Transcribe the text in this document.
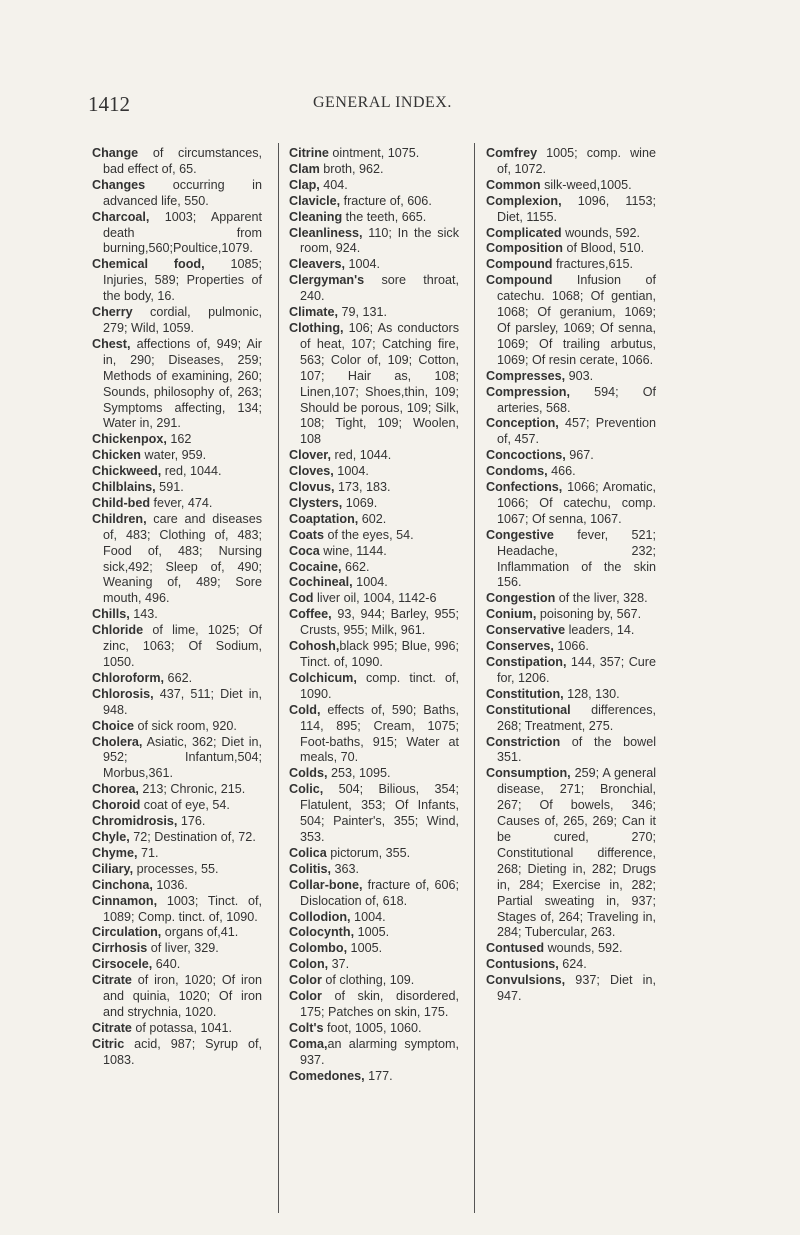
1412	GENERAL INDEX.
Change of circumstances, bad effect of, 65.
Changes occurring in advanced life, 550.
Charcoal, 1003; Apparent death from burning,560;Poultice,1079.
Chemical food, 1085; Injuries, 589; Properties of the body, 16.
Cherry cordial, pulmonic, 279; Wild, 1059.
Chest, affections of, 949; Air in, 290; Diseases, 259; Methods of examining, 260; Sounds, philosophy of, 263; Symptoms affecting, 134; Water in, 291.
Chickenpox, 162
Chicken water, 959.
Chickweed, red, 1044.
Chilblains, 591.
Child-bed fever, 474.
Children, care and diseases of, 483; Clothing of, 483; Food of, 483; Nursing sick,492; Sleep of, 490; Weaning of, 489; Sore mouth, 496.
Chills, 143.
Chloride of lime, 1025; Of zinc, 1063; Of Sodium, 1050.
Chloroform, 662.
Chlorosis, 437, 511; Diet in, 948.
Choice of sick room, 920.
Cholera, Asiatic, 362; Diet in, 952; Infantum,504; Morbus,361.
Chorea, 213; Chronic, 215.
Choroid coat of eye, 54.
Chromidrosis, 176.
Chyle, 72; Destination of, 72.
Chyme, 71.
Ciliary, processes, 55.
Cinchona, 1036.
Cinnamon, 1003; Tinct. of, 1089; Comp. tinct. of, 1090.
Circulation, organs of,41.
Cirrhosis of liver, 329.
Cirsocele, 640.
Citrate of iron, 1020; Of iron and quinia, 1020; Of iron and strychnia, 1020.
Citrate of potassa, 1041.
Citric acid, 987; Syrup of, 1083.
Citrine ointment, 1075.
Clam broth, 962.
Clap, 404.
Clavicle, fracture of, 606.
Cleaning the teeth, 665.
Cleanliness, 110; In the sick room, 924.
Cleavers, 1004.
Clergyman's sore throat, 240.
Climate, 79, 131.
Clothing, 106; As conductors of heat, 107; Catching fire, 563; Color of, 109; Cotton, 107; Hair as, 108; Linen,107; Shoes,thin, 109; Should be porous, 109; Silk, 108; Tight, 109; Woolen, 108
Clover, red, 1044.
Cloves, 1004.
Clovus, 173, 183.
Clysters, 1069.
Coaptation, 602.
Coats of the eyes, 54.
Coca wine, 1144.
Cocaine, 662.
Cochineal, 1004.
Cod liver oil, 1004, 1142-6
Coffee, 93, 944; Barley, 955; Crusts, 955; Milk, 961.
Cohosh,black 995; Blue, 996; Tinct. of, 1090.
Colchicum, comp. tinct. of, 1090.
Cold, effects of, 590; Baths, 114, 895; Cream, 1075; Foot-baths, 915; Water at meals, 70.
Colds, 253, 1095.
Colic, 504; Bilious, 354; Flatulent, 353; Of Infants, 504; Painter's, 355; Wind, 353.
Colica pictorum, 355.
Colitis, 363.
Collar-bone, fracture of, 606; Dislocation of, 618.
Collodion, 1004.
Colocynth, 1005.
Colombo, 1005.
Colon, 37.
Color of clothing, 109.
Color of skin, disordered, 175; Patches on skin, 175.
Colt's foot, 1005, 1060.
Coma,an alarming symptom, 937.
Comedones, 177.
Comfrey 1005; comp. wine of, 1072.
Common silk-weed,1005.
Complexion, 1096, 1153; Diet, 1155.
Complicated wounds, 592.
Composition of Blood, 510.
Compound fractures,615.
Compound Infusion of catechu. 1068; Of gentian, 1068; Of geranium, 1069; Of parsley, 1069; Of senna, 1069; Of trailing arbutus, 1069; Of resin cerate, 1066.
Compresses, 903.
Compression, 594; Of arteries, 568.
Conception, 457; Prevention of, 457.
Concoctions, 967.
Condoms, 466.
Confections, 1066; Aromatic, 1066; Of catechu, comp. 1067; Of senna, 1067.
Congestive fever, 521; Headache, 232; Inflammation of the skin 156.
Congestion of the liver, 328.
Conium, poisoning by, 567.
Conservative leaders, 14.
Conserves, 1066.
Constipation, 144, 357; Cure for, 1206.
Constitution, 128, 130.
Constitutional differences, 268; Treatment, 275.
Constriction of the bowel 351.
Consumption, 259; A general disease, 271; Bronchial, 267; Of bowels, 346; Causes of, 265, 269; Can it be cured, 270; Constitutional difference, 268; Dieting in, 282; Drugs in, 284; Exercise in, 282; Partial sweating in, 937; Stages of, 264; Traveling in, 284; Tubercular, 263.
Contused wounds, 592.
Contusions, 624.
Convulsions, 937; Diet in, 947.
